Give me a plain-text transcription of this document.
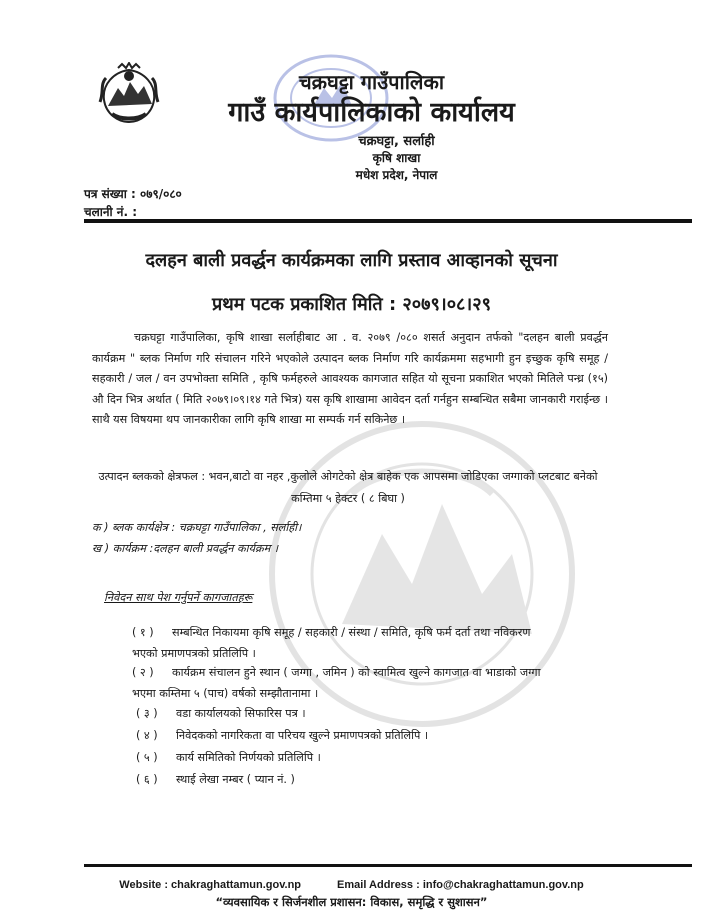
चक्रघट्टा गाउँपालिका
गाउँ कार्यपालिकाको कार्यालय
चक्रघट्टा, सर्लाही
कृषि शाखा
मधेश प्रदेश, नेपाल
पत्र संख्या : ०७९/०८०
चलानी नं. :
दलहन बाली प्रवर्द्धन कार्यक्रमका लागि प्रस्ताव आव्हानको सूचना
प्रथम पटक प्रकाशित मिति : २०७९।०८।२९
चक्रघट्टा गाउँपालिका, कृषि शाखा सर्लाहीबाट आ . व. २०७९ /०८० शसर्त अनुदान तर्फको "दलहन बाली प्रवर्द्धन कार्यक्रम " ब्लक निर्माण गरि संचालन गरिने भएकोले उत्पादन ब्लक निर्माण गरि कार्यक्रममा सहभागी हुन इच्छुक कृषि समूह / सहकारी / जल / वन उपभोक्ता समिति , कृषि फर्महरुले आवश्यक कागजात सहित यो सूचना प्रकाशित भएको मितिले पन्ध्र (१५) औ दिन भित्र अर्थात ( मिति २०७९।०९।१४ गते भित्र) यस कृषि शाखामा आवेदन दर्ता गर्नहुन सम्बन्धित सबैमा जानकारी गराईन्छ । साथै यस विषयमा थप जानकारीका लागि कृषि शाखा मा सम्पर्क गर्न सकिनेछ ।
उत्पादन ब्लकको क्षेत्रफल : भवन,बाटो वा नहर ,कुलोले ओगटेको क्षेत्र बाहेक एक आपसमा जोडिएका जग्गाको प्लटबाट बनेको कम्तिमा ५ हेक्टर ( ८ बिघा )
क ) ब्लक कार्यक्षेत्र : चक्रघट्टा गाउँपालिका , सर्लाही।
ख ) कार्यक्रम :दलहन बाली प्रवर्द्धन कार्यक्रम ।
निवेदन साथ पेश गर्नुपर्ने कागजातहरू
( १ ) सम्बन्धित निकायमा कृषि समूह / सहकारी / संस्था / समिति, कृषि फर्म दर्ता तथा नविकरण भएको प्रमाणपत्रको प्रतिलिपि ।
( २ ) कार्यक्रम संचालन हुने स्थान ( जग्गा , जमिन ) को स्वामित्व खुल्ने कागजात वा भाडाको जग्गा भएमा कम्तिमा ५ (पाच) वर्षको सम्झौतानामा ।
( ३ ) वडा कार्यालयको सिफारिस पत्र ।
( ४ ) निवेदकको नागरिकता वा परिचय खुल्ने प्रमाणपत्रको प्रतिलिपि ।
( ५ ) कार्य समितिको निर्णयको प्रतिलिपि ।
( ६ ) स्थाई लेखा नम्बर ( प्यान नं. )
Website : chakraghattamun.gov.np	Email Address : info@chakraghattamun.gov.np
“व्यवसायिक र सिर्जनशील प्रशासन: विकास, समृद्धि र सुशासन”
